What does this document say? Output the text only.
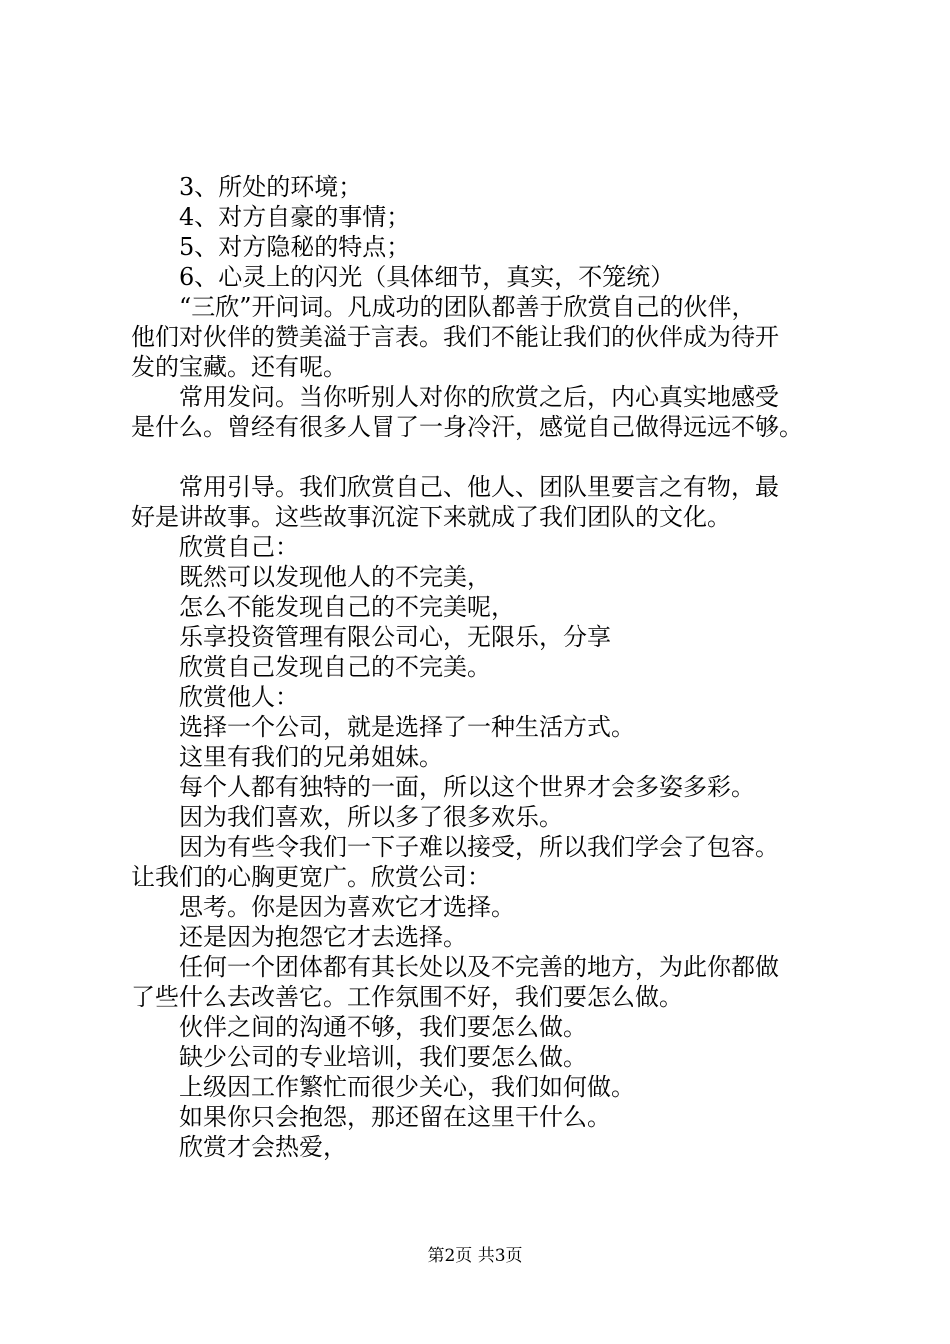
3、所处的环境；
4、对方自豪的事情；
5、对方隐秘的特点；
6、心灵上的闪光（具体细节，真实，不笼统）
“三欣”开问词。凡成功的团队都善于欣赏自己的伙伴，
他们对伙伴的赞美溢于言表。我们不能让我们的伙伴成为待开
发的宝藏。还有呢。
常用发问。当你听别人对你的欣赏之后，内心真实地感受
是什么。曾经有很多人冒了一身冷汗，感觉自己做得远远不够。
常用引导。我们欣赏自己、他人、团队里要言之有物，最
好是讲故事。这些故事沉淀下来就成了我们团队的文化。
欣赏自己：
既然可以发现他人的不完美，
怎么不能发现自己的不完美呢，
乐享投资管理有限公司心，无限乐，分享
欣赏自己发现自己的不完美。
欣赏他人：
选择一个公司，就是选择了一种生活方式。
这里有我们的兄弟姐妹。
每个人都有独特的一面，所以这个世界才会多姿多彩。
因为我们喜欢，所以多了很多欢乐。
因为有些令我们一下子难以接受，所以我们学会了包容。
让我们的心胸更宽广。欣赏公司：
思考。你是因为喜欢它才选择。
还是因为抱怨它才去选择。
任何一个团体都有其长处以及不完善的地方，为此你都做
了些什么去改善它。工作氛围不好，我们要怎么做。
伙伴之间的沟通不够，我们要怎么做。
缺少公司的专业培训，我们要怎么做。
上级因工作繁忙而很少关心，我们如何做。
如果你只会抱怨，那还留在这里干什么。
欣赏才会热爱，
第2页 共3页
